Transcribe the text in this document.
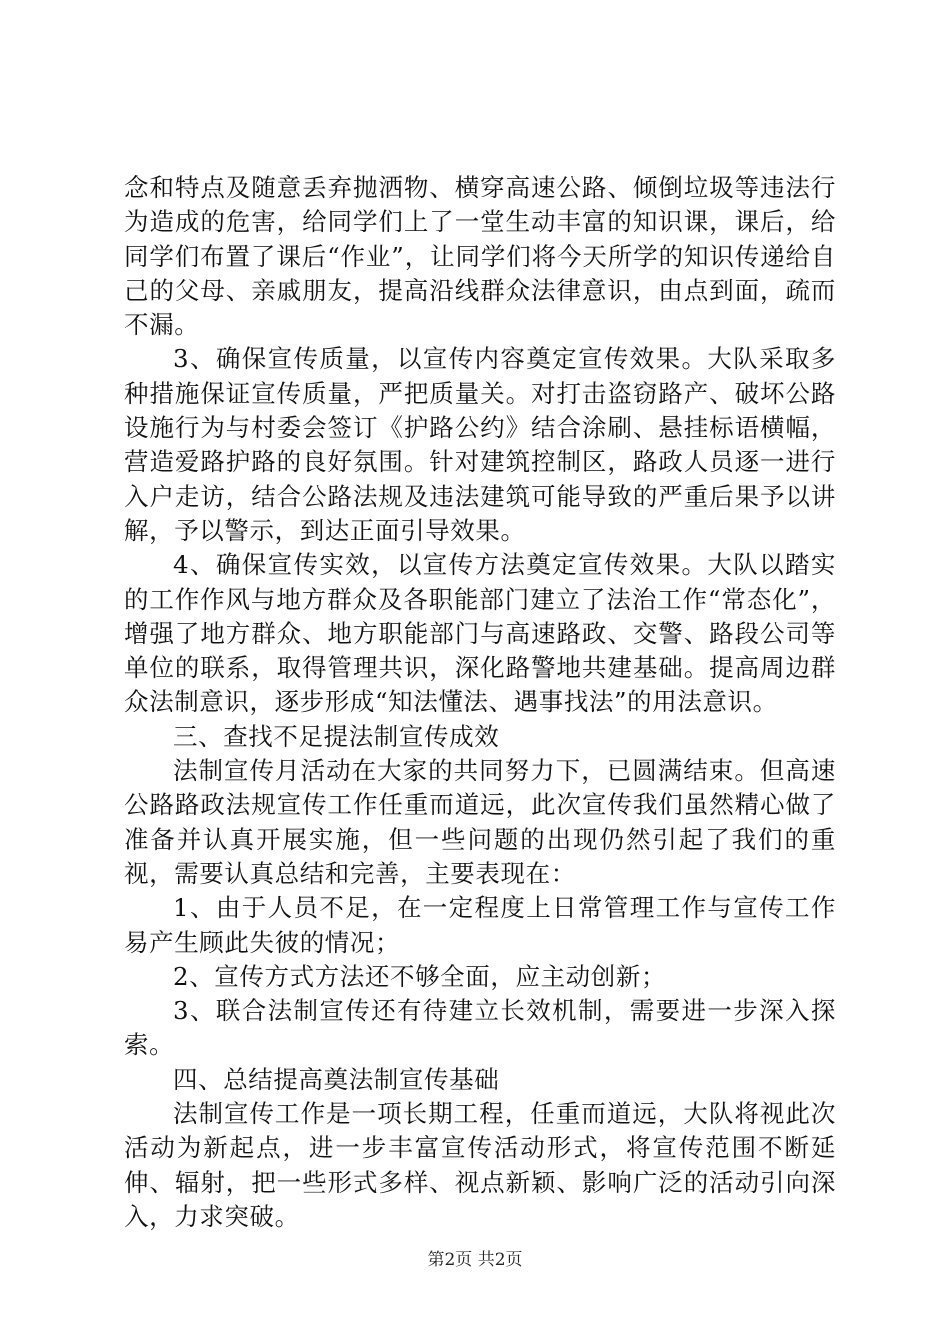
念和特点及随意丢弃抛洒物、横穿高速公路、倾倒垃圾等违法行为造成的危害，给同学们上了一堂生动丰富的知识课，课后，给同学们布置了课后“作业”，让同学们将今天所学的知识传递给自己的父母、亲戚朋友，提高沿线群众法律意识，由点到面，疏而不漏。

3、确保宣传质量，以宣传内容奠定宣传效果。大队采取多种措施保证宣传质量，严把质量关。对打击盗窃路产、破坏公路设施行为与村委会签订《护路公约》结合涂刷、悬挂标语横幅，营造爱路护路的良好氛围。针对建筑控制区，路政人员逐一进行入户走访，结合公路法规及违法建筑可能导致的严重后果予以讲解，予以警示，到达正面引导效果。

4、确保宣传实效，以宣传方法奠定宣传效果。大队以踏实的工作作风与地方群众及各职能部门建立了法治工作“常态化”，增强了地方群众、地方职能部门与高速路政、交警、路段公司等单位的联系，取得管理共识，深化路警地共建基础。提高周边群众法制意识，逐步形成“知法懂法、遇事找法”的用法意识。

三、查找不足提法制宣传成效

法制宣传月活动在大家的共同努力下，已圆满结束。但高速公路路政法规宣传工作任重而道远，此次宣传我们虽然精心做了准备并认真开展实施，但一些问题的出现仍然引起了我们的重视，需要认真总结和完善，主要表现在：

1、由于人员不足，在一定程度上日常管理工作与宣传工作易产生顾此失彼的情况；

2、宣传方式方法还不够全面，应主动创新；

3、联合法制宣传还有待建立长效机制，需要进一步深入探索。

四、总结提高奠法制宣传基础

法制宣传工作是一项长期工程，任重而道远，大队将视此次活动为新起点，进一步丰富宣传活动形式，将宣传范围不断延伸、辐射，把一些形式多样、视点新颖、影响广泛的活动引向深入，力求突破。

第2页 共2页
